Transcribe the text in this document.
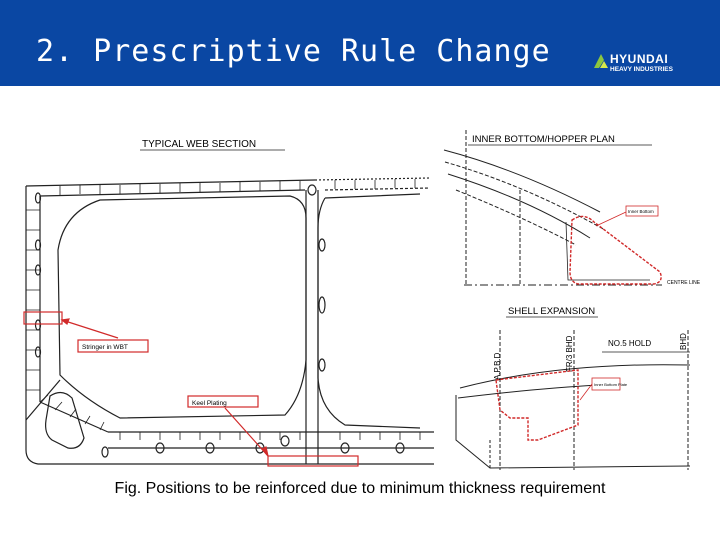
2. Prescriptive Rule Change	HYUNDAI
HEAVY INDUSTRIES
TYPICAL WEB SECTION
Stringer in WBT
Keel Plating
INNER BOTTOM/HOPPER PLAN
Inner Bottom
CENTRE LINE
SHELL EXPANSION
A.P.B.D	FR/3 BHD	BHD
NO.5 HOLD
Inner Bottom Plate
Fig. Positions to be reinforced due to minimum thickness requirement
